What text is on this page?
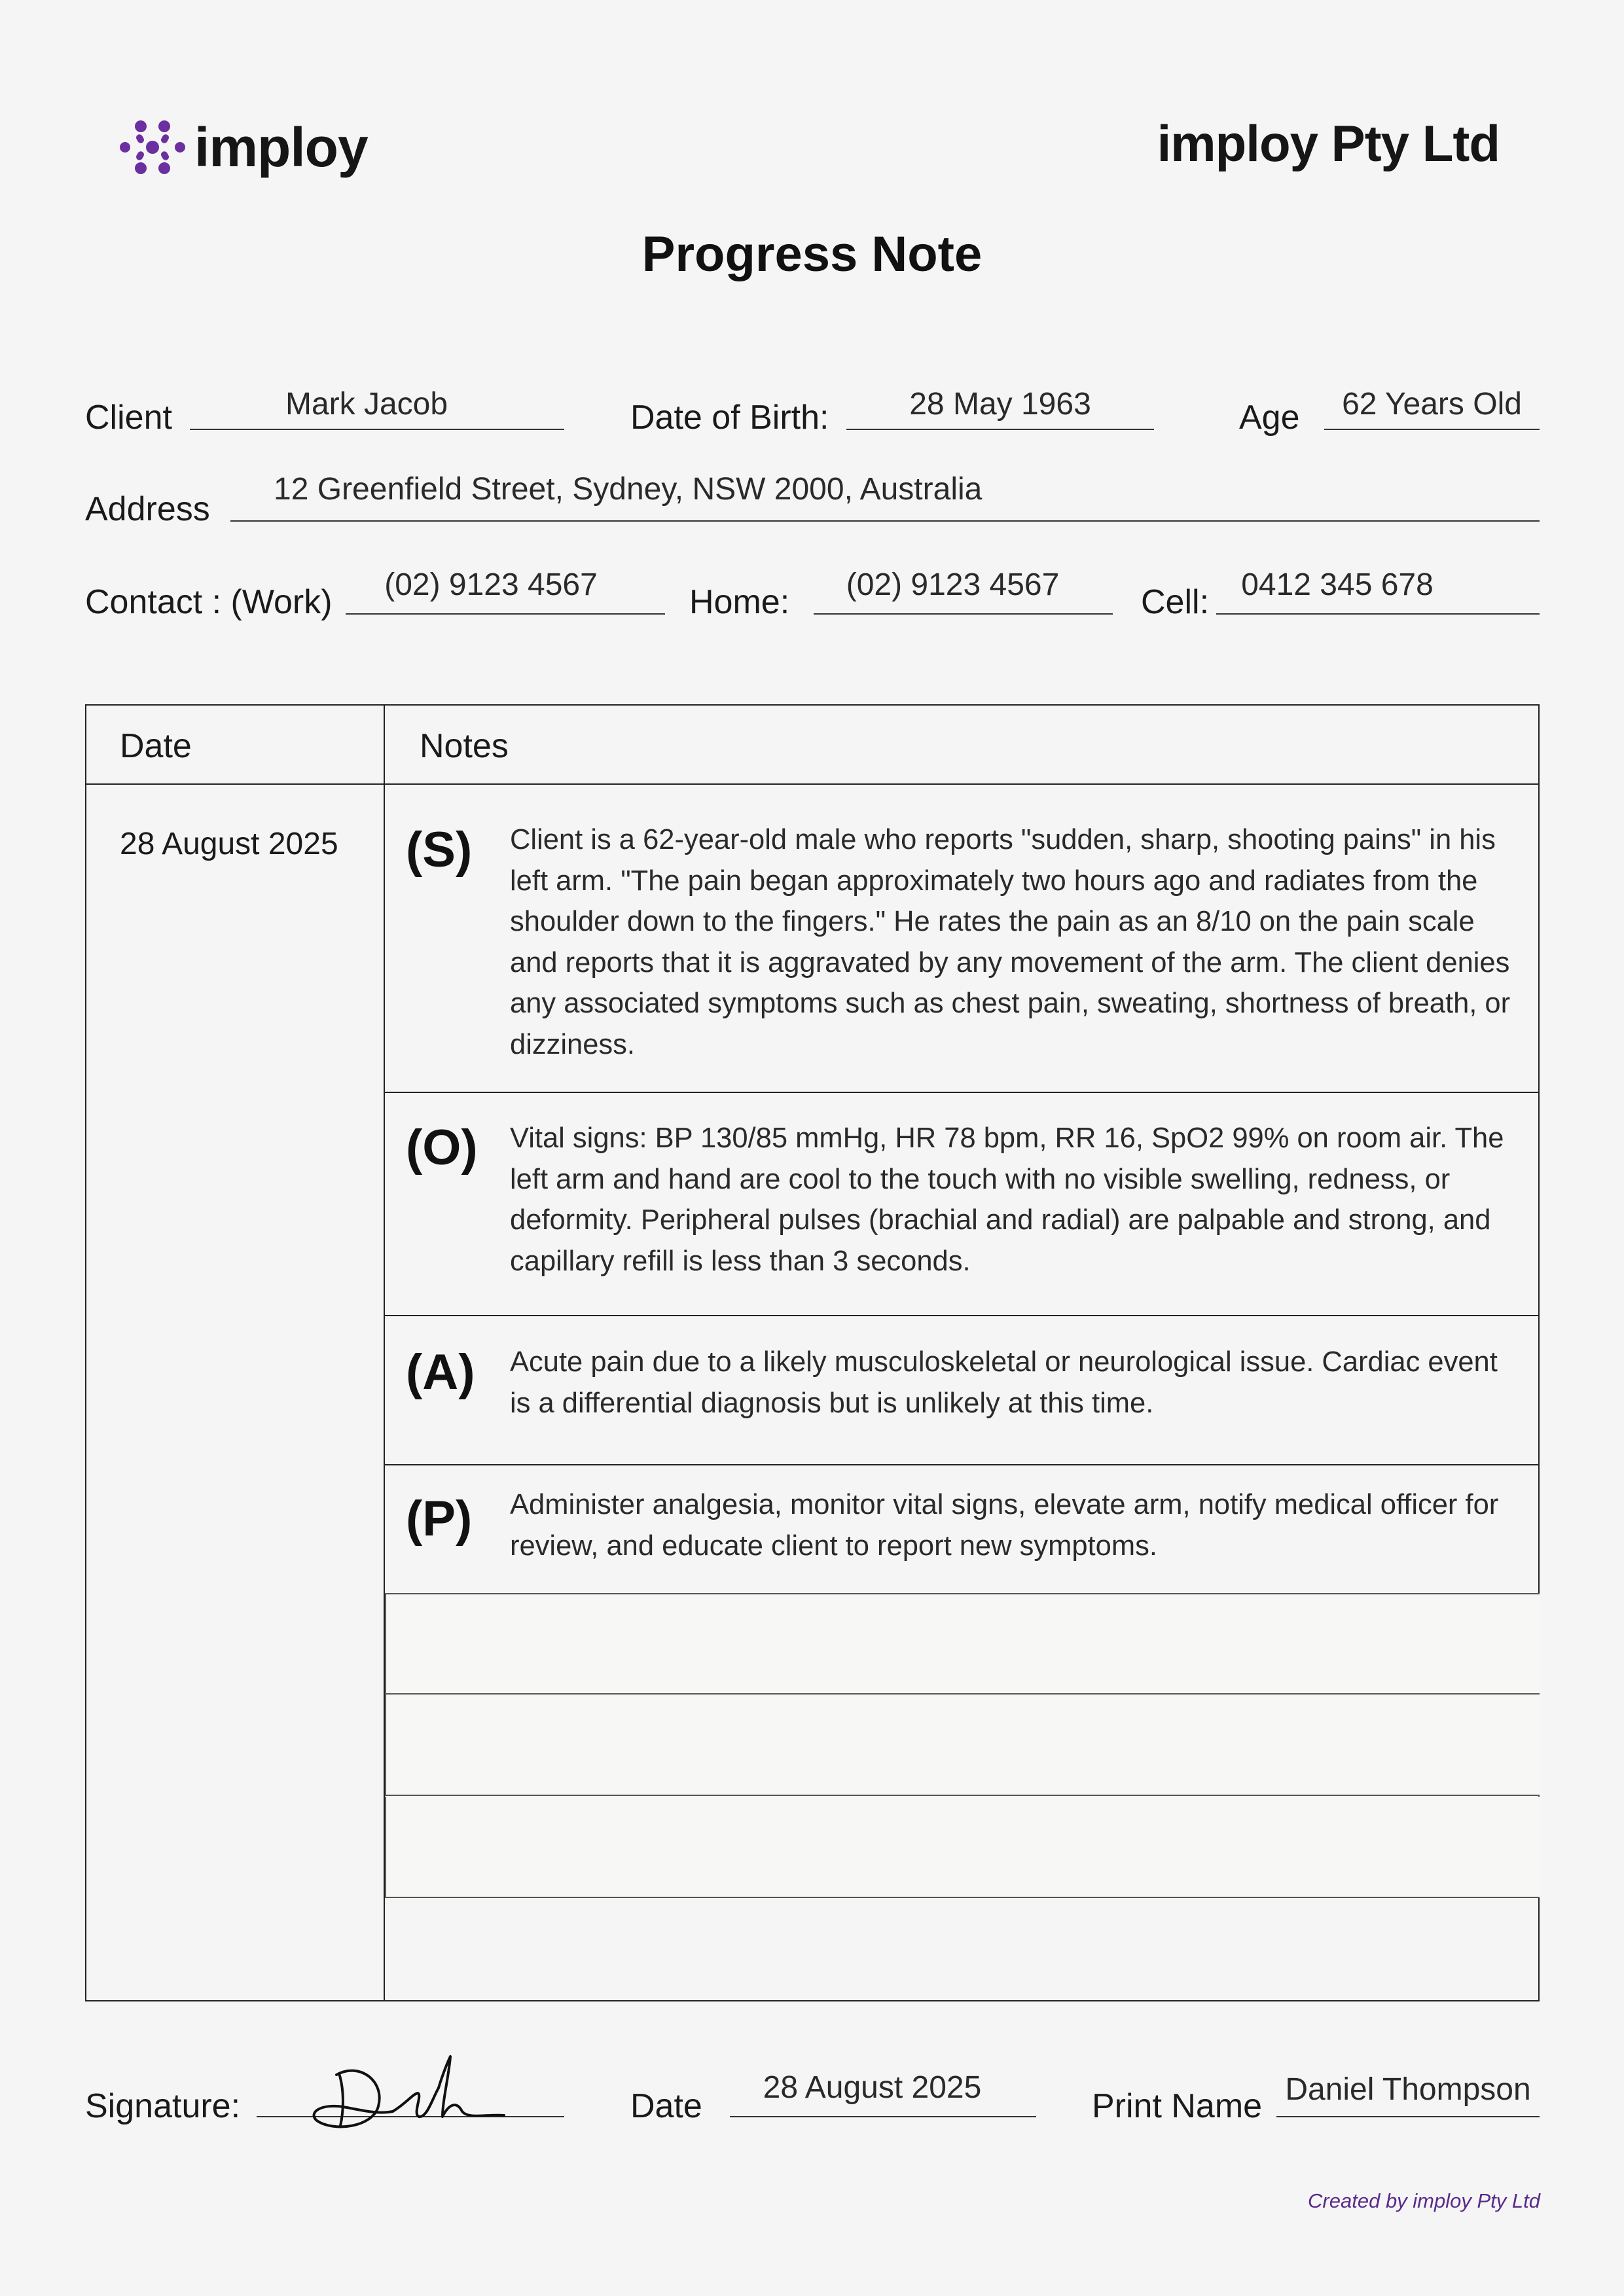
imploy	imploy Pty Ltd
Progress Note
Client	Mark Jacob	Date of Birth:	28 May 1963	Age	62 Years Old
Address
12 Greenfield Street, Sydney, NSW 2000, Australia
Contact : (Work)	(02) 9123 4567	Home:	(02) 9123 4567	Cell:	0412 345 678
Date	Notes
28 August 2025 (S) Client is a 62-year-old male who reports "sudden, sharp, shooting pains" in his left arm. "The pain began approximately two hours ago and radiates from the shoulder down to the fingers." He rates the pain as an 8/10 on the pain scale and reports that it is aggravated by any movement of the arm. The client denies any associated symptoms such as chest pain, sweating, shortness of breath, or dizziness.
(O) Vital signs: BP 130/85 mmHg, HR 78 bpm, RR 16, SpO2 99% on room air. The left arm and hand are cool to the touch with no visible swelling, redness, or deformity. Peripheral pulses (brachial and radial) are palpable and strong, and capillary refill is less than 3 seconds.
(A) Acute pain due to a likely musculoskeletal or neurological issue. Cardiac event is a differential diagnosis but is unlikely at this time.
(P) Administer analgesia, monitor vital signs, elevate arm, notify medical officer for review, and educate client to report new symptoms.
Signature:	Date	28 August 2025	Print Name Daniel Thompson
Created by imploy Pty Ltd
